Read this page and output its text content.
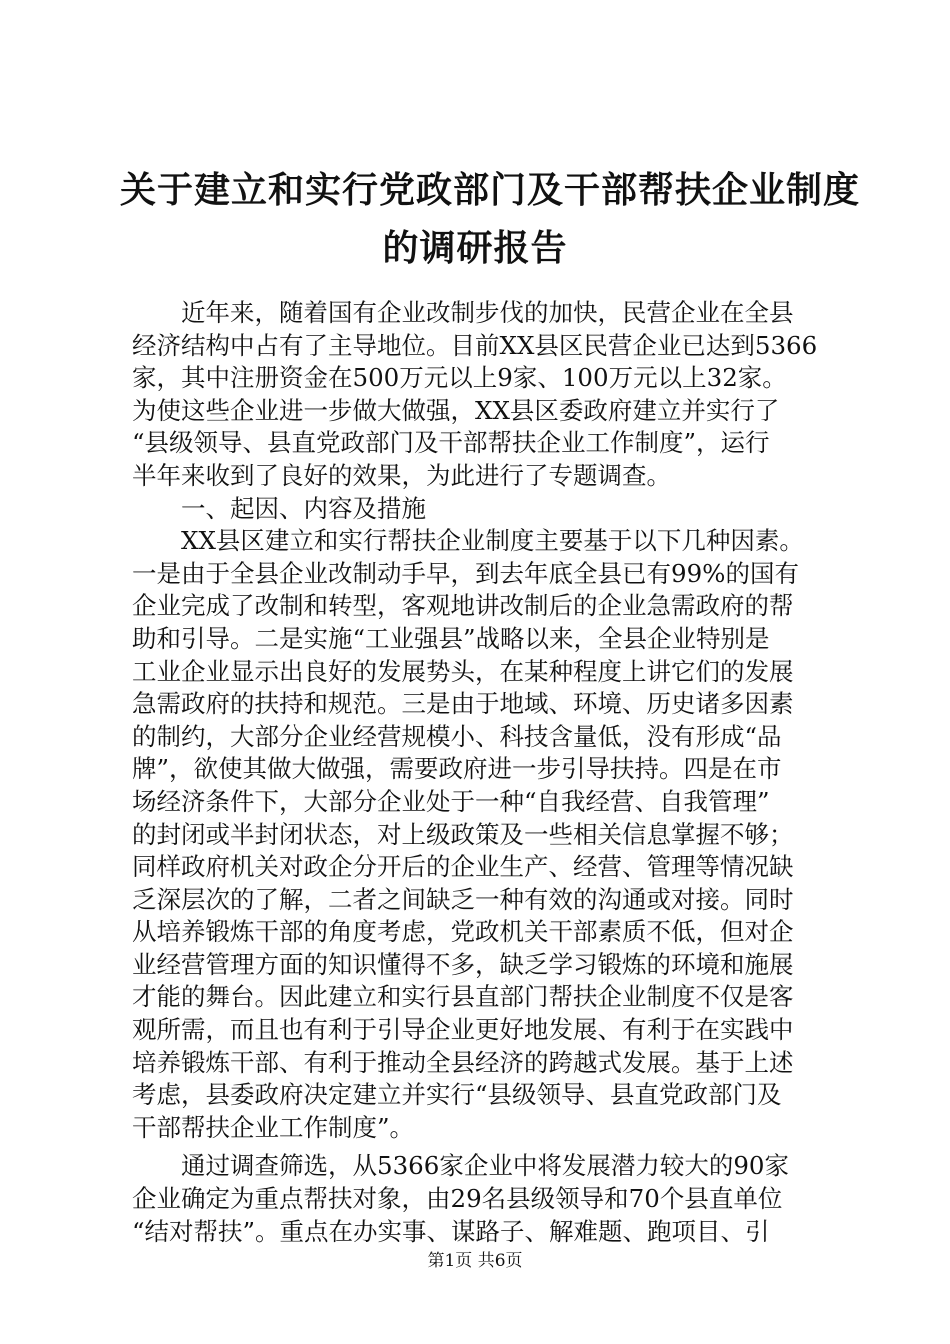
关于建立和实行党政部门及干部帮扶企业制度
的调研报告
近年来，随着国有企业改制步伐的加快，民营企业在全县
经济结构中占有了主导地位。目前XX县区民营企业已达到5366
家，其中注册资金在500万元以上9家、100万元以上32家。
为使这些企业进一步做大做强，XX县区委政府建立并实行了
“县级领导、县直党政部门及干部帮扶企业工作制度”，运行
半年来收到了良好的效果，为此进行了专题调查。
一、起因、内容及措施
XX县区建立和实行帮扶企业制度主要基于以下几种因素。
一是由于全县企业改制动手早，到去年底全县已有99%的国有
企业完成了改制和转型，客观地讲改制后的企业急需政府的帮
助和引导。二是实施“工业强县”战略以来，全县企业特别是
工业企业显示出良好的发展势头，在某种程度上讲它们的发展
急需政府的扶持和规范。三是由于地域、环境、历史诸多因素
的制约，大部分企业经营规模小、科技含量低，没有形成“品
牌”，欲使其做大做强，需要政府进一步引导扶持。四是在市
场经济条件下，大部分企业处于一种“自我经营、自我管理”
的封闭或半封闭状态，对上级政策及一些相关信息掌握不够；
同样政府机关对政企分开后的企业生产、经营、管理等情况缺
乏深层次的了解，二者之间缺乏一种有效的沟通或对接。同时
从培养锻炼干部的角度考虑，党政机关干部素质不低，但对企
业经营管理方面的知识懂得不多，缺乏学习锻炼的环境和施展
才能的舞台。因此建立和实行县直部门帮扶企业制度不仅是客
观所需，而且也有利于引导企业更好地发展、有利于在实践中
培养锻炼干部、有利于推动全县经济的跨越式发展。基于上述
考虑，县委政府决定建立并实行“县级领导、县直党政部门及
干部帮扶企业工作制度”。
通过调查筛选，从5366家企业中将发展潜力较大的90家
企业确定为重点帮扶对象，由29名县级领导和70个县直单位
“结对帮扶”。重点在办实事、谋路子、解难题、跑项目、引
第1页 共6页
